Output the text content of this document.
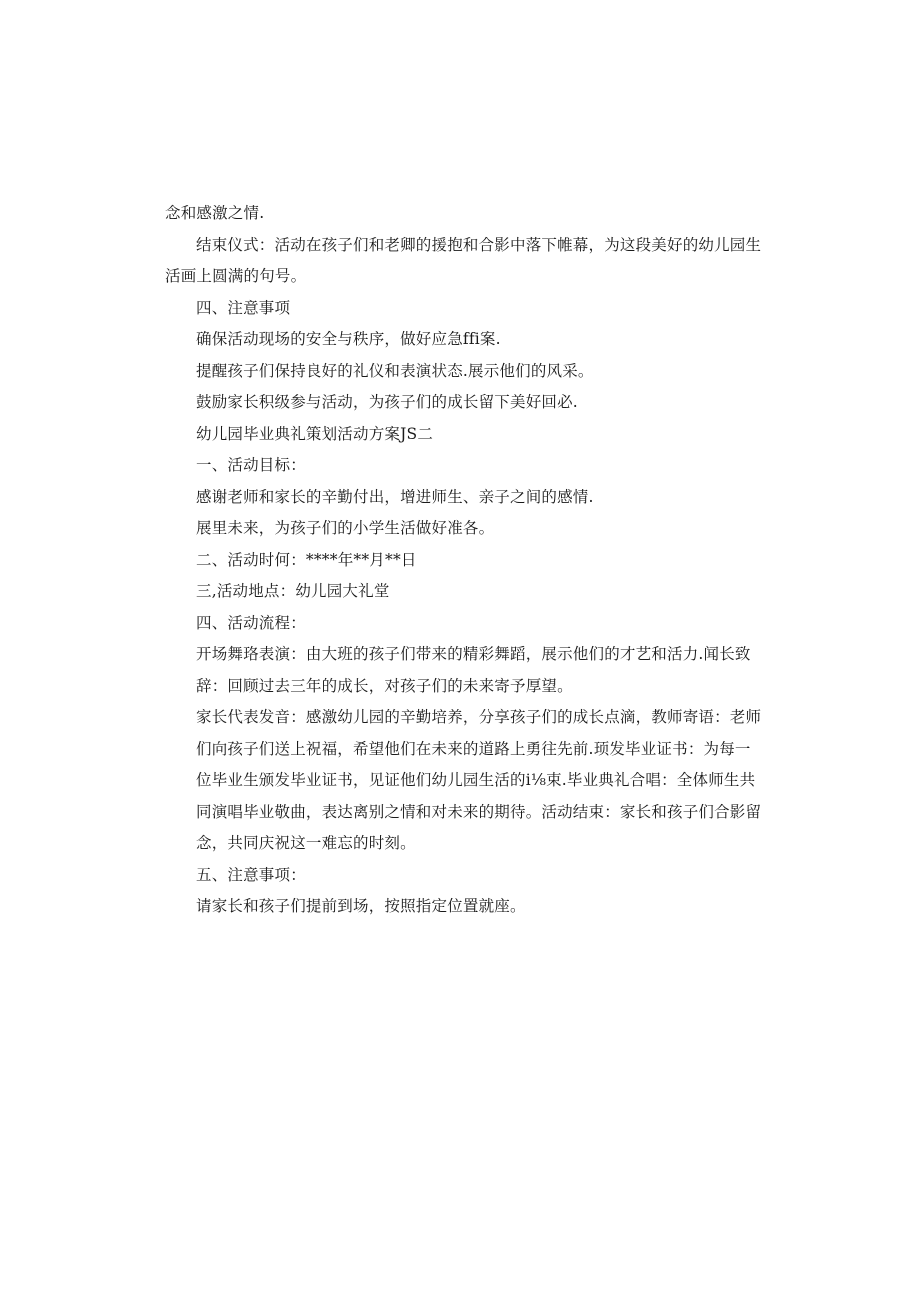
念和感激之情.
结束仪式：活动在孩子们和老卿的援抱和合影中落下帷幕，为这段美好的幼儿园生
活画上圆满的句号。
四、注意事项
确保活动现场的安全与秩序，做好应急ffi案.
提醒孩子们保持良好的礼仪和表演状态.展示他们的风采。
鼓励家长积级参与活动，为孩子们的成长留下美好回必.
幼儿园毕业典礼策划活动方案JS二
一、活动目标：
感谢老师和家长的辛勤付出，增进师生、亲子之间的感情.
展里未来，为孩子们的小学生活做好准各。
二、活动时何：****年**月**日
三,活动地点：幼儿园大礼堂
四、活动流程：
开场舞珞表演：由大班的孩子们带来的精彩舞蹈，展示他们的才艺和活力.闻长致
辞：回顾过去三年的成长，对孩子们的未来寄予厚望。
家长代表发音：感激幼儿园的辛勤培养，分享孩子们的成长点滴，教师寄语：老师
们向孩子们送上祝福，希望他们在未来的道路上勇往先前.顼发毕业证书：为每一
位毕业生颁发毕业证书，见证他们幼儿园生活的i⅛束.毕业典礼合唱：全体师生共
同演唱毕业敬曲，表达离别之情和对未来的期待。活动结束：家长和孩子们合影留
念，共同庆祝这一难忘的时刻。
五、注意事项：
请家长和孩子们提前到场，按照指定位置就座。
